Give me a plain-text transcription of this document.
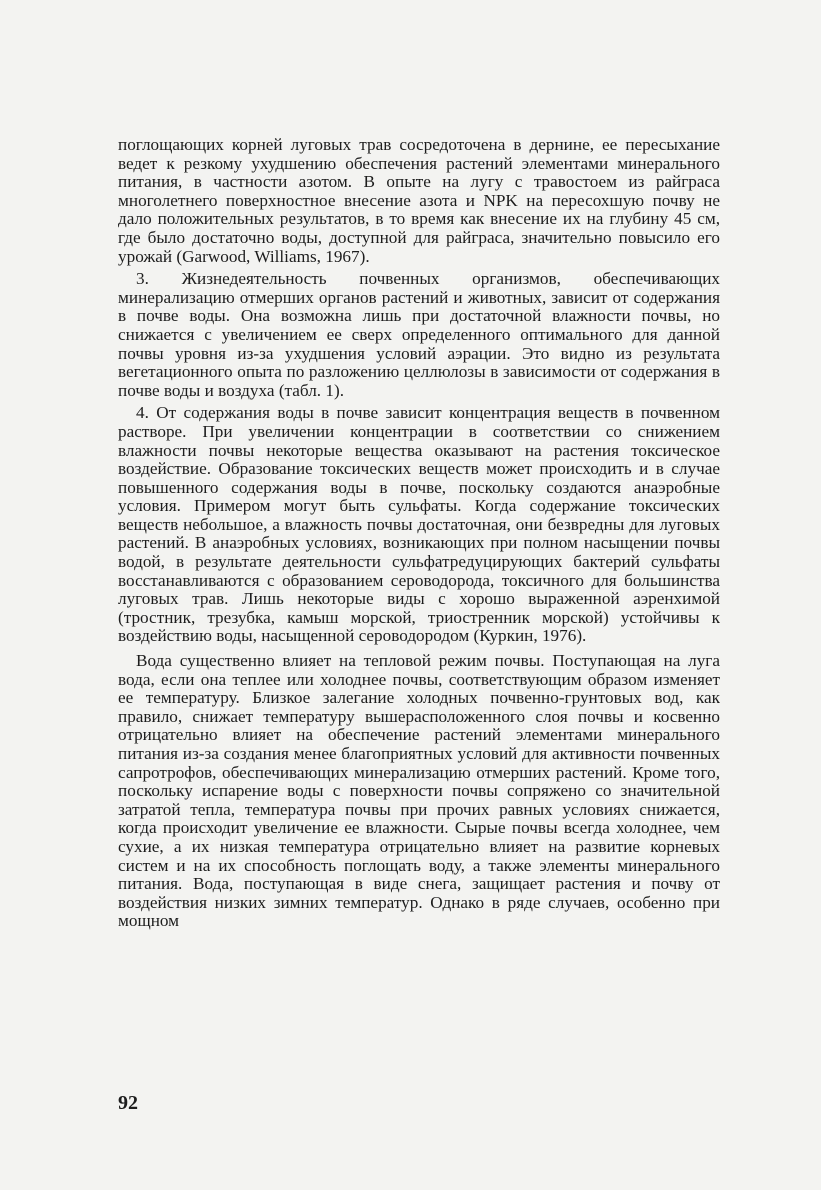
поглощающих корней луговых трав сосредоточена в дернине, ее пересыхание ведет к резкому ухудшению обеспечения растений элементами минерального питания, в частности азотом. В опыте на лугу с травостоем из райграса многолетнего поверхностное внесение азота и NPK на пересохшую почву не дало положительных результатов, в то время как внесение их на глубину 45 см, где было достаточно воды, доступной для райграса, значительно повысило его урожай (Garwood, Williams, 1967).

3. Жизнедеятельность почвенных организмов, обеспечивающих минерализацию отмерших органов растений и животных, зависит от содержания в почве воды. Она возможна лишь при достаточной влажности почвы, но снижается с увеличением ее сверх определенного оптимального для данной почвы уровня из-за ухудшения условий аэрации. Это видно из результата вегетационного опыта по разложению целлюлозы в зависимости от содержания в почве воды и воздуха (табл. 1).

4. От содержания воды в почве зависит концентрация веществ в почвенном растворе. При увеличении концентрации в соответствии со снижением влажности почвы некоторые вещества оказывают на растения токсическое воздействие. Образование токсических веществ может происходить и в случае повышенного содержания воды в почве, поскольку создаются анаэробные условия. Примером могут быть сульфаты. Когда содержание токсических веществ небольшое, а влажность почвы достаточная, они безвредны для луговых растений. В анаэробных условиях, возникающих при полном насыщении почвы водой, в результате деятельности сульфатредуцирующих бактерий сульфаты восстанавливаются с образованием сероводорода, токсичного для большинства луговых трав. Лишь некоторые виды с хорошо выраженной аэренхимой (тростник, трезубка, камыш морской, триостренник морской) устойчивы к воздействию воды, насыщенной сероводородом (Куркин, 1976).

Вода существенно влияет на тепловой режим почвы. Поступающая на луга вода, если она теплее или холоднее почвы, соответствующим образом изменяет ее температуру. Близкое залегание холодных почвенно-грунтовых вод, как правило, снижает температуру вышерасположенного слоя почвы и косвенно отрицательно влияет на обеспечение растений элементами минерального питания из-за создания менее благоприятных условий для активности почвенных сапротрофов, обеспечивающих минерализацию отмерших растений. Кроме того, поскольку испарение воды с поверхности почвы сопряжено со значительной затратой тепла, температура почвы при прочих равных условиях снижается, когда происходит увеличение ее влажности. Сырые почвы всегда холоднее, чем сухие, а их низкая температура отрицательно влияет на развитие корневых систем и на их способность поглощать воду, а также элементы минерального питания. Вода, поступающая в виде снега, защищает растения и почву от воздействия низких зимних температур. Однако в ряде случаев, особенно при мощном

92
